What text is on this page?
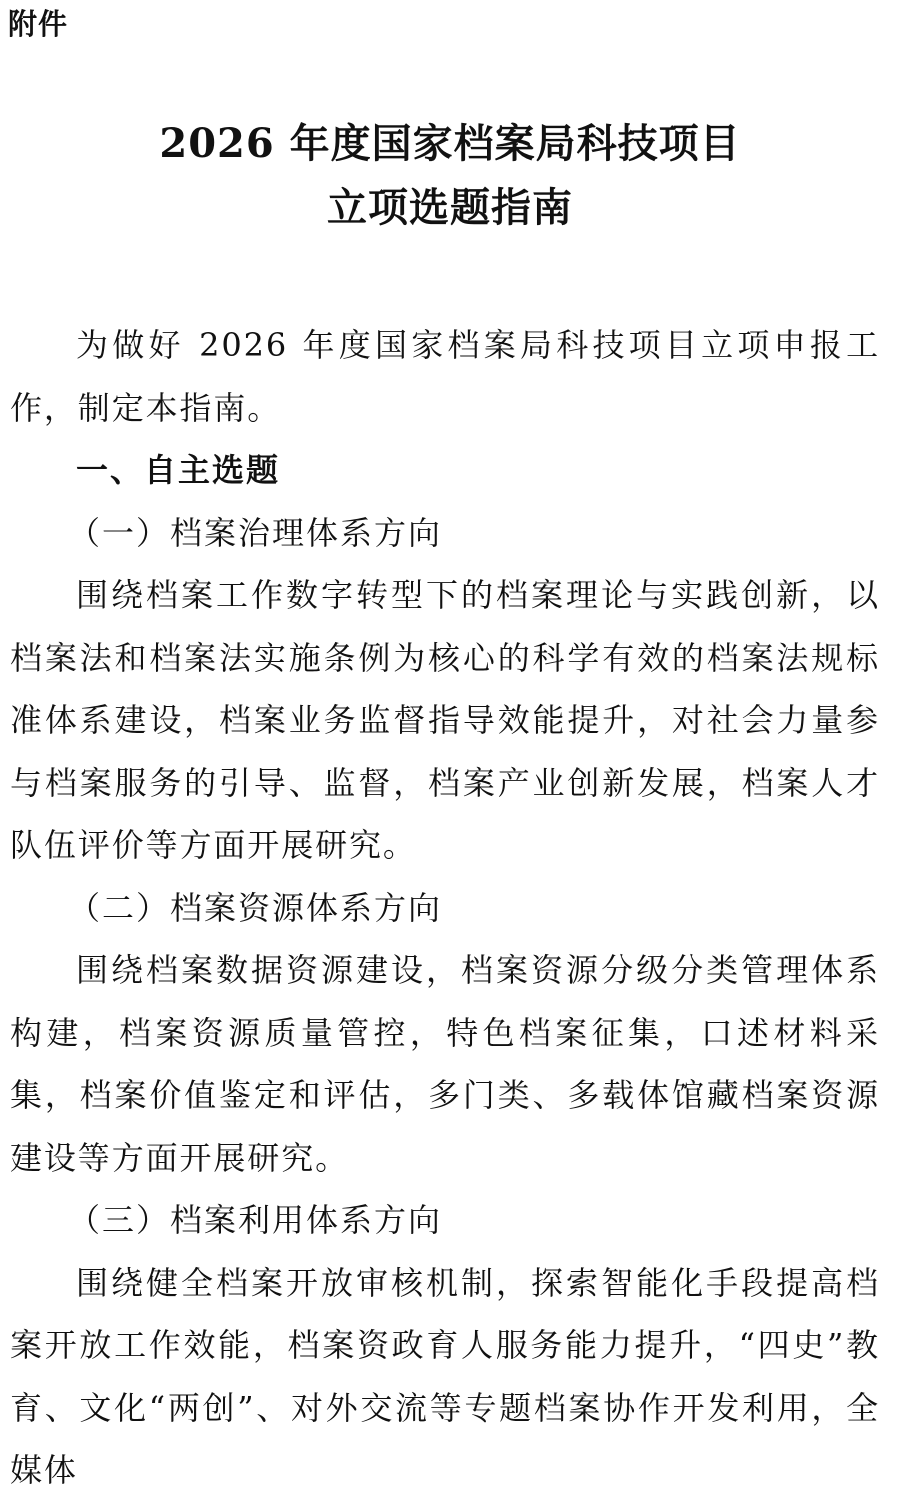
附件
2026 年度国家档案局科技项目
立项选题指南

为做好 2026 年度国家档案局科技项目立项申报工作，制定本指南。

一、自主选题

（一）档案治理体系方向

围绕档案工作数字转型下的档案理论与实践创新，以档案法和档案法实施条例为核心的科学有效的档案法规标准体系建设，档案业务监督指导效能提升，对社会力量参与档案服务的引导、监督，档案产业创新发展，档案人才队伍评价等方面开展研究。

（二）档案资源体系方向

围绕档案数据资源建设，档案资源分级分类管理体系构建，档案资源质量管控，特色档案征集，口述材料采集，档案价值鉴定和评估，多门类、多载体馆藏档案资源建设等方面开展研究。

（三）档案利用体系方向

围绕健全档案开放审核机制，探索智能化手段提高档案开放工作效能，档案资政育人服务能力提升，“四史”教育、文化“两创”、对外交流等专题档案协作开发利用，全媒体
